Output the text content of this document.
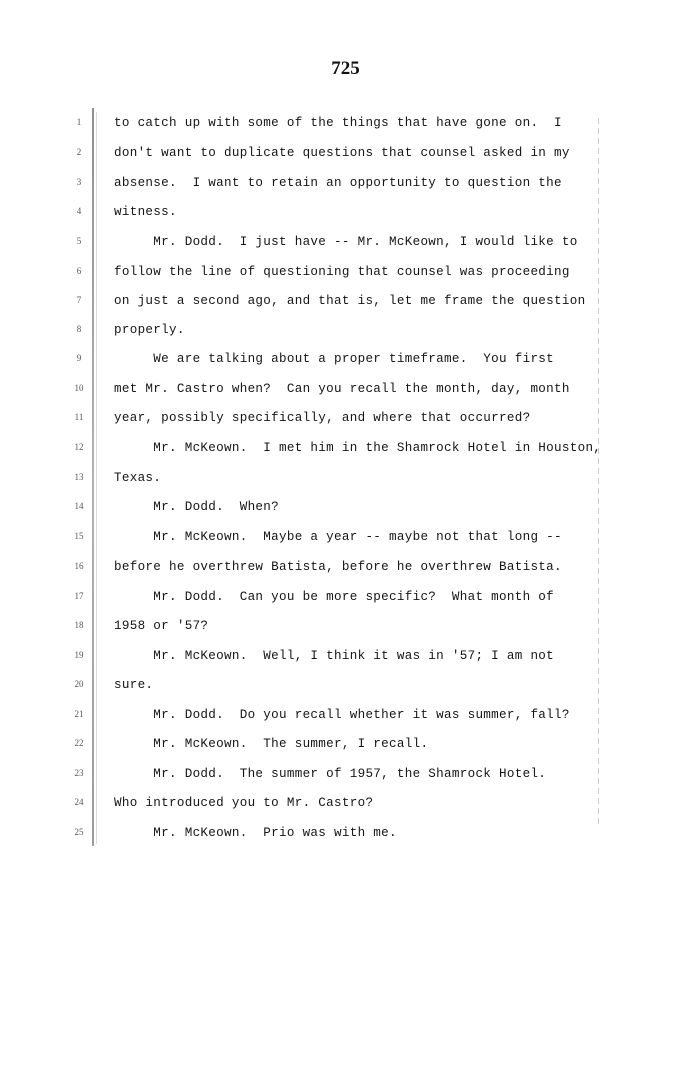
725
1
2
3
4
5
6
7
8
9
10
11
12
13
14
15
16
17
18
19
20
21
22
23
24
25
to catch up with some of the things that have gone on.  I
don't want to duplicate questions that counsel asked in my
absense.  I want to retain an opportunity to question the
witness.
Mr. Dodd.  I just have -- Mr. McKeown, I would like to
follow the line of questioning that counsel was proceeding
on just a second ago, and that is, let me frame the question
properly.
We are talking about a proper timeframe.  You first
met Mr. Castro when?  Can you recall the month, day, month
year, possibly specifically, and where that occurred?
Mr. McKeown.  I met him in the Shamrock Hotel in Houston,
Texas.
Mr. Dodd.  When?
Mr. McKeown.  Maybe a year -- maybe not that long --
before he overthrew Batista, before he overthrew Batista.
Mr. Dodd.  Can you be more specific?  What month of
1958 or '57?
Mr. McKeown.  Well, I think it was in '57; I am not
sure.
Mr. Dodd.  Do you recall whether it was summer, fall?
Mr. McKeown.  The summer, I recall.
Mr. Dodd.  The summer of 1957, the Shamrock Hotel.
Who introduced you to Mr. Castro?
Mr. McKeown.  Prio was with me.
